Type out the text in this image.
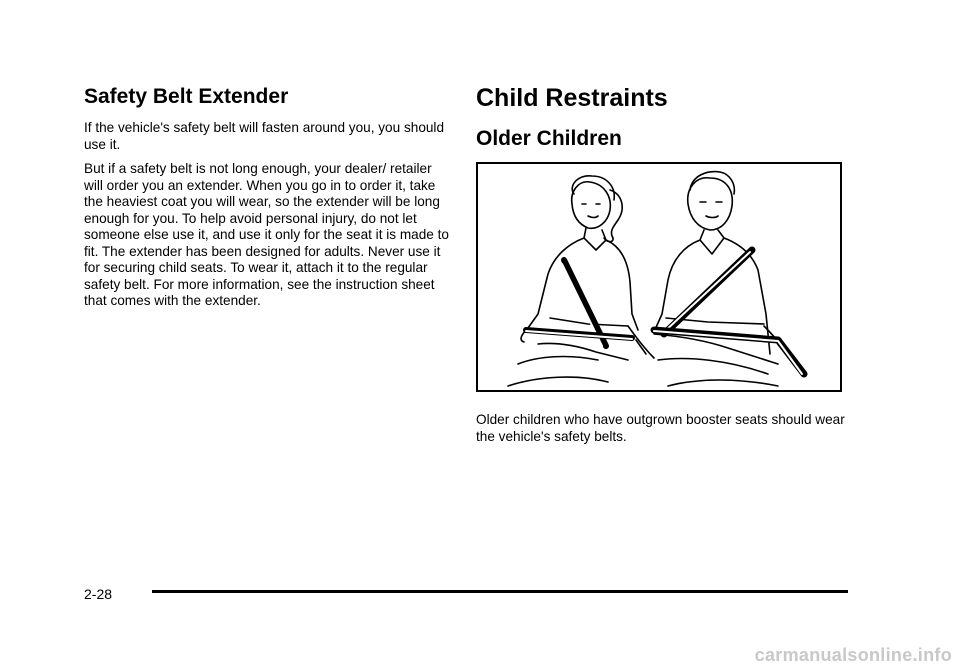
Safety Belt Extender

If the vehicle's safety belt will fasten around you, you should use it.

But if a safety belt is not long enough, your dealer/ retailer will order you an extender. When you go in to order it, take the heaviest coat you will wear, so the extender will be long enough for you. To help avoid personal injury, do not let someone else use it, and use it only for the seat it is made to fit. The extender has been designed for adults. Never use it for securing child seats. To wear it, attach it to the regular safety belt. For more information, see the instruction sheet that comes with the extender.

Child Restraints
Older Children

Older children who have outgrown booster seats should wear the vehicle's safety belts.

2-28
carmanualsonline.info
